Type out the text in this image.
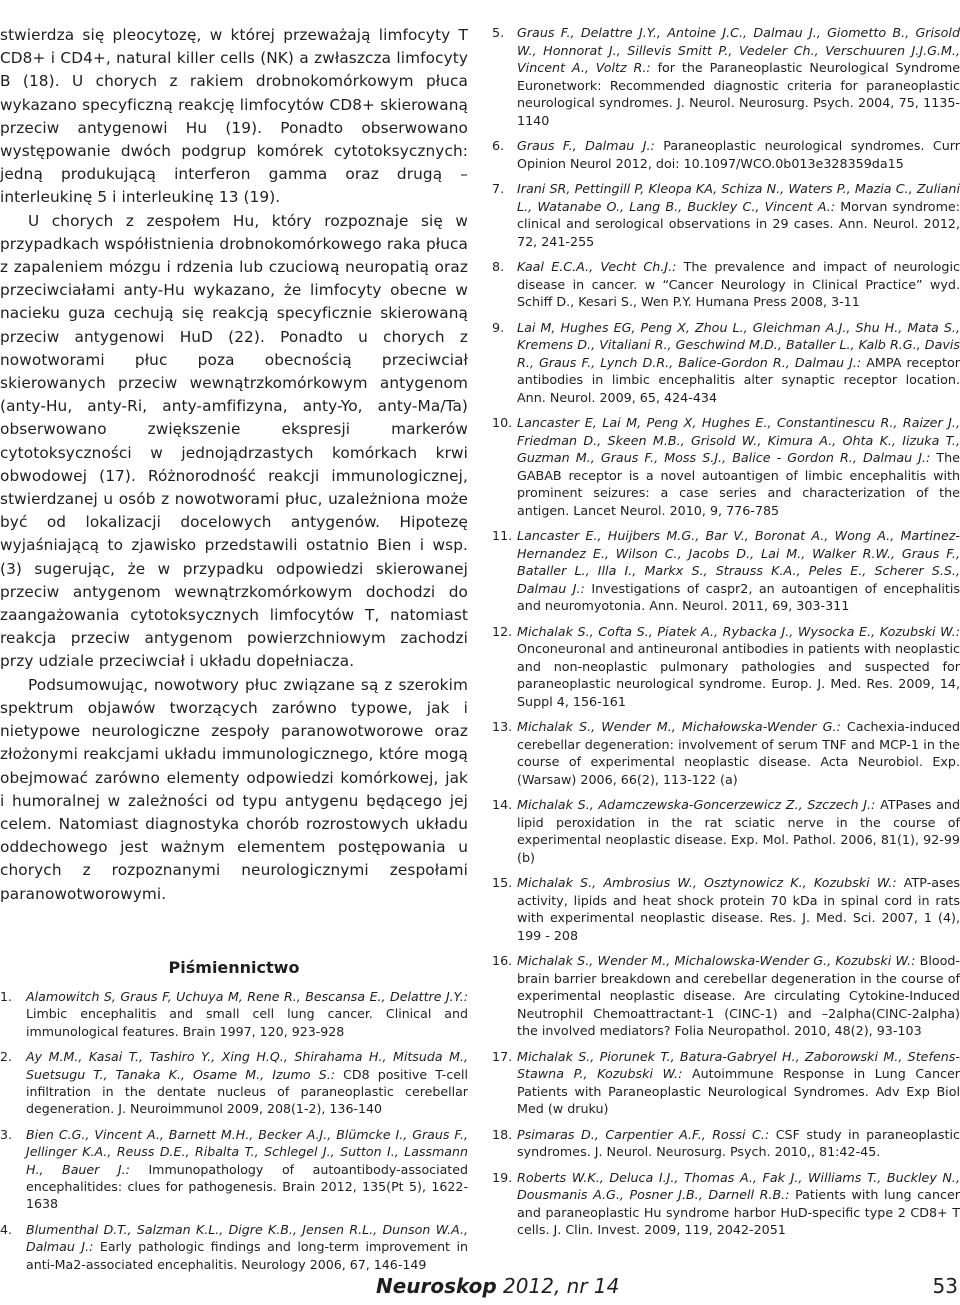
stwierdza się pleocytozę, w której przeważają limfocyty T CD8+ i CD4+, natural killer cells (NK) a zwłaszcza limfocyty B (18). U chorych z rakiem drobnokomórkowym płuca wykazano specyficzną reakcję limfocytów CD8+ skierowaną przeciw antygenowi Hu (19). Ponadto obserwowano występowanie dwóch podgrup komórek cytotoksycznych: jedną produkującą interferon gamma oraz drugą – interleukinę 5 i interleukinę 13 (19).

U chorych z zespołem Hu, który rozpoznaje się w przypadkach współistnienia drobnokomórkowego raka płuca z zapaleniem mózgu i rdzenia lub czuciową neuropatią oraz przeciwciałami anty-Hu wykazano, że limfocyty obecne w nacieku guza cechują się reakcją specyficznie skierowaną przeciw antygenowi HuD (22). Ponadto u chorych z nowotworami płuc poza obecnością przeciwciał skierowanych przeciw wewnątrzkomórkowym antygenom (anty-Hu, anty-Ri, anty-amfifizyna, anty-Yo, anty-Ma/Ta) obserwowano zwiększenie ekspresji markerów cytotoksyczności w jednojądrzastych komórkach krwi obwodowej (17). Różnorodność reakcji immunologicznej, stwierdzanej u osób z nowotworami płuc, uzależniona może być od lokalizacji docelowych antygenów. Hipotezę wyjaśniającą to zjawisko przedstawili ostatnio Bien i wsp. (3) sugerując, że w przypadku odpowiedzi skierowanej przeciw antygenom wewnątrzkomórkowym dochodzi do zaangażowania cytotoksycznych limfocytów T, natomiast reakcja przeciw antygenom powierzchniowym zachodzi przy udziale przeciwciał i układu dopełniacza.

Podsumowując, nowotwory płuc związane są z szerokim spektrum objawów tworzących zarówno typowe, jak i nietypowe neurologiczne zespoły paranowotworowe oraz złożonymi reakcjami układu immunologicznego, które mogą obejmować zarówno elementy odpowiedzi komórkowej, jak i humoralnej w zależności od typu antygenu będącego jej celem. Natomiast diagnostyka chorób rozrostowych układu oddechowego jest ważnym elementem postępowania u chorych z rozpoznanymi neurologicznymi zespołami paranowotworowymi.

Piśmiennictwo
1. Alamowitch S, Graus F, Uchuya M, Rene R., Bescansa E., Delattre J.Y.: Limbic encephalitis and small cell lung cancer. Clinical and immunological features. Brain 1997, 120, 923-928
2. Ay M.M., Kasai T., Tashiro Y., Xing H.Q., Shirahama H., Mitsuda M., Suetsugu T., Tanaka K., Osame M., Izumo S.: CD8 positive T-cell infiltration in the dentate nucleus of paraneoplastic cerebellar degeneration. J. Neuroimmunol 2009, 208(1-2), 136-140
3. Bien C.G., Vincent A., Barnett M.H., Becker A.J., Blümcke I., Graus F., Jellinger K.A., Reuss D.E., Ribalta T., Schlegel J., Sutton I., Lassmann H., Bauer J.: Immunopathology of autoantibody-associated encephalitides: clues for pathogenesis. Brain 2012, 135(Pt 5), 1622-1638
4. Blumenthal D.T., Salzman K.L., Digre K.B., Jensen R.L., Dunson W.A., Dalmau J.: Early pathologic findings and long-term improvement in anti-Ma2-associated encephalitis. Neurology 2006, 67, 146-149
5. Graus F., Delattre J.Y., Antoine J.C., Dalmau J., Giometto B., Grisold W., Honnorat J., Sillevis Smitt P., Vedeler Ch., Verschuuren J.J.G.M., Vincent A., Voltz R.: for the Paraneoplastic Neurological Syndrome Euronetwork: Recommended diagnostic criteria for paraneoplastic neurological syndromes. J. Neurol. Neurosurg. Psych. 2004, 75, 1135-1140
6. Graus F., Dalmau J.: Paraneoplastic neurological syndromes. Curr Opinion Neurol 2012, doi: 10.1097/WCO.0b013e328359da15
7. Irani SR, Pettingill P, Kleopa KA, Schiza N., Waters P., Mazia C., Zuliani L., Watanabe O., Lang B., Buckley C., Vincent A.: Morvan syndrome: clinical and serological observations in 29 cases. Ann. Neurol. 2012, 72, 241-255
8. Kaal E.C.A., Vecht Ch.J.: The prevalence and impact of neurologic disease in cancer. w “Cancer Neurology in Clinical Practice” wyd. Schiff D., Kesari S., Wen P.Y. Humana Press 2008, 3-11
9. Lai M, Hughes EG, Peng X, Zhou L., Gleichman A.J., Shu H., Mata S., Kremens D., Vitaliani R., Geschwind M.D., Bataller L., Kalb R.G., Davis R., Graus F., Lynch D.R., Balice-Gordon R., Dalmau J.: AMPA receptor antibodies in limbic encephalitis alter synaptic receptor location. Ann. Neurol. 2009, 65, 424-434
10. Lancaster E, Lai M, Peng X, Hughes E., Constantinescu R., Raizer J., Friedman D., Skeen M.B., Grisold W., Kimura A., Ohta K., Iizuka T., Guzman M., Graus F., Moss S.J., Balice - Gordon R., Dalmau J.: The GABAB receptor is a novel autoantigen of limbic encephalitis with prominent seizures: a case series and characterization of the antigen. Lancet Neurol. 2010, 9, 776-785
11. Lancaster E., Huijbers M.G., Bar V., Boronat A., Wong A., Martinez-Hernandez E., Wilson C., Jacobs D., Lai M., Walker R.W., Graus F., Bataller L., Illa I., Markx S., Strauss K.A., Peles E., Scherer S.S., Dalmau J.: Investigations of caspr2, an autoantigen of encephalitis and neuromyotonia. Ann. Neurol. 2011, 69, 303-311
12. Michalak S., Cofta S., Piatek A., Rybacka J., Wysocka E., Kozubski W.: Onconeuronal and antineuronal antibodies in patients with neoplastic and non-neoplastic pulmonary pathologies and suspected for paraneoplastic neurological syndrome. Europ. J. Med. Res. 2009, 14, Suppl 4, 156-161
13. Michalak S., Wender M., Michałowska-Wender G.: Cachexia-induced cerebellar degeneration: involvement of serum TNF and MCP-1 in the course of experimental neoplastic disease. Acta Neurobiol. Exp. (Warsaw) 2006, 66(2), 113-122 (a)
14. Michalak S., Adamczewska-Goncerzewicz Z., Szczech J.: ATPases and lipid peroxidation in the rat sciatic nerve in the course of experimental neoplastic disease. Exp. Mol. Pathol. 2006, 81(1), 92-99 (b)
15. Michalak S., Ambrosius W., Osztynowicz K., Kozubski W.: ATP-ases activity, lipids and heat shock protein 70 kDa in spinal cord in rats with experimental neoplastic disease. Res. J. Med. Sci. 2007, 1 (4), 199 - 208
16. Michalak S., Wender M., Michalowska-Wender G., Kozubski W.: Blood-brain barrier breakdown and cerebellar degeneration in the course of experimental neoplastic disease. Are circulating Cytokine-Induced Neutrophil Chemoattractant-1 (CINC-1) and –2alpha(CINC-2alpha) the involved mediators? Folia Neuropathol. 2010, 48(2), 93-103
17. Michalak S., Piorunek T., Batura-Gabryel H., Zaborowski M., Stefens-Stawna P., Kozubski W.: Autoimmune Response in Lung Cancer Patients with Paraneoplastic Neurological Syndromes. Adv Exp Biol Med (w druku)
18. Psimaras D., Carpentier A.F., Rossi C.: CSF study in paraneoplastic syndromes. J. Neurol. Neurosurg. Psych. 2010,, 81:42-45.
19. Roberts W.K., Deluca I.J., Thomas A., Fak J., Williams T., Buckley N., Dousmanis A.G., Posner J.B., Darnell R.B.: Patients with lung cancer and paraneoplastic Hu syndrome harbor HuD-specific type 2 CD8+ T cells. J. Clin. Invest. 2009, 119, 2042-2051
Neuroskop 2012, nr 14	53
